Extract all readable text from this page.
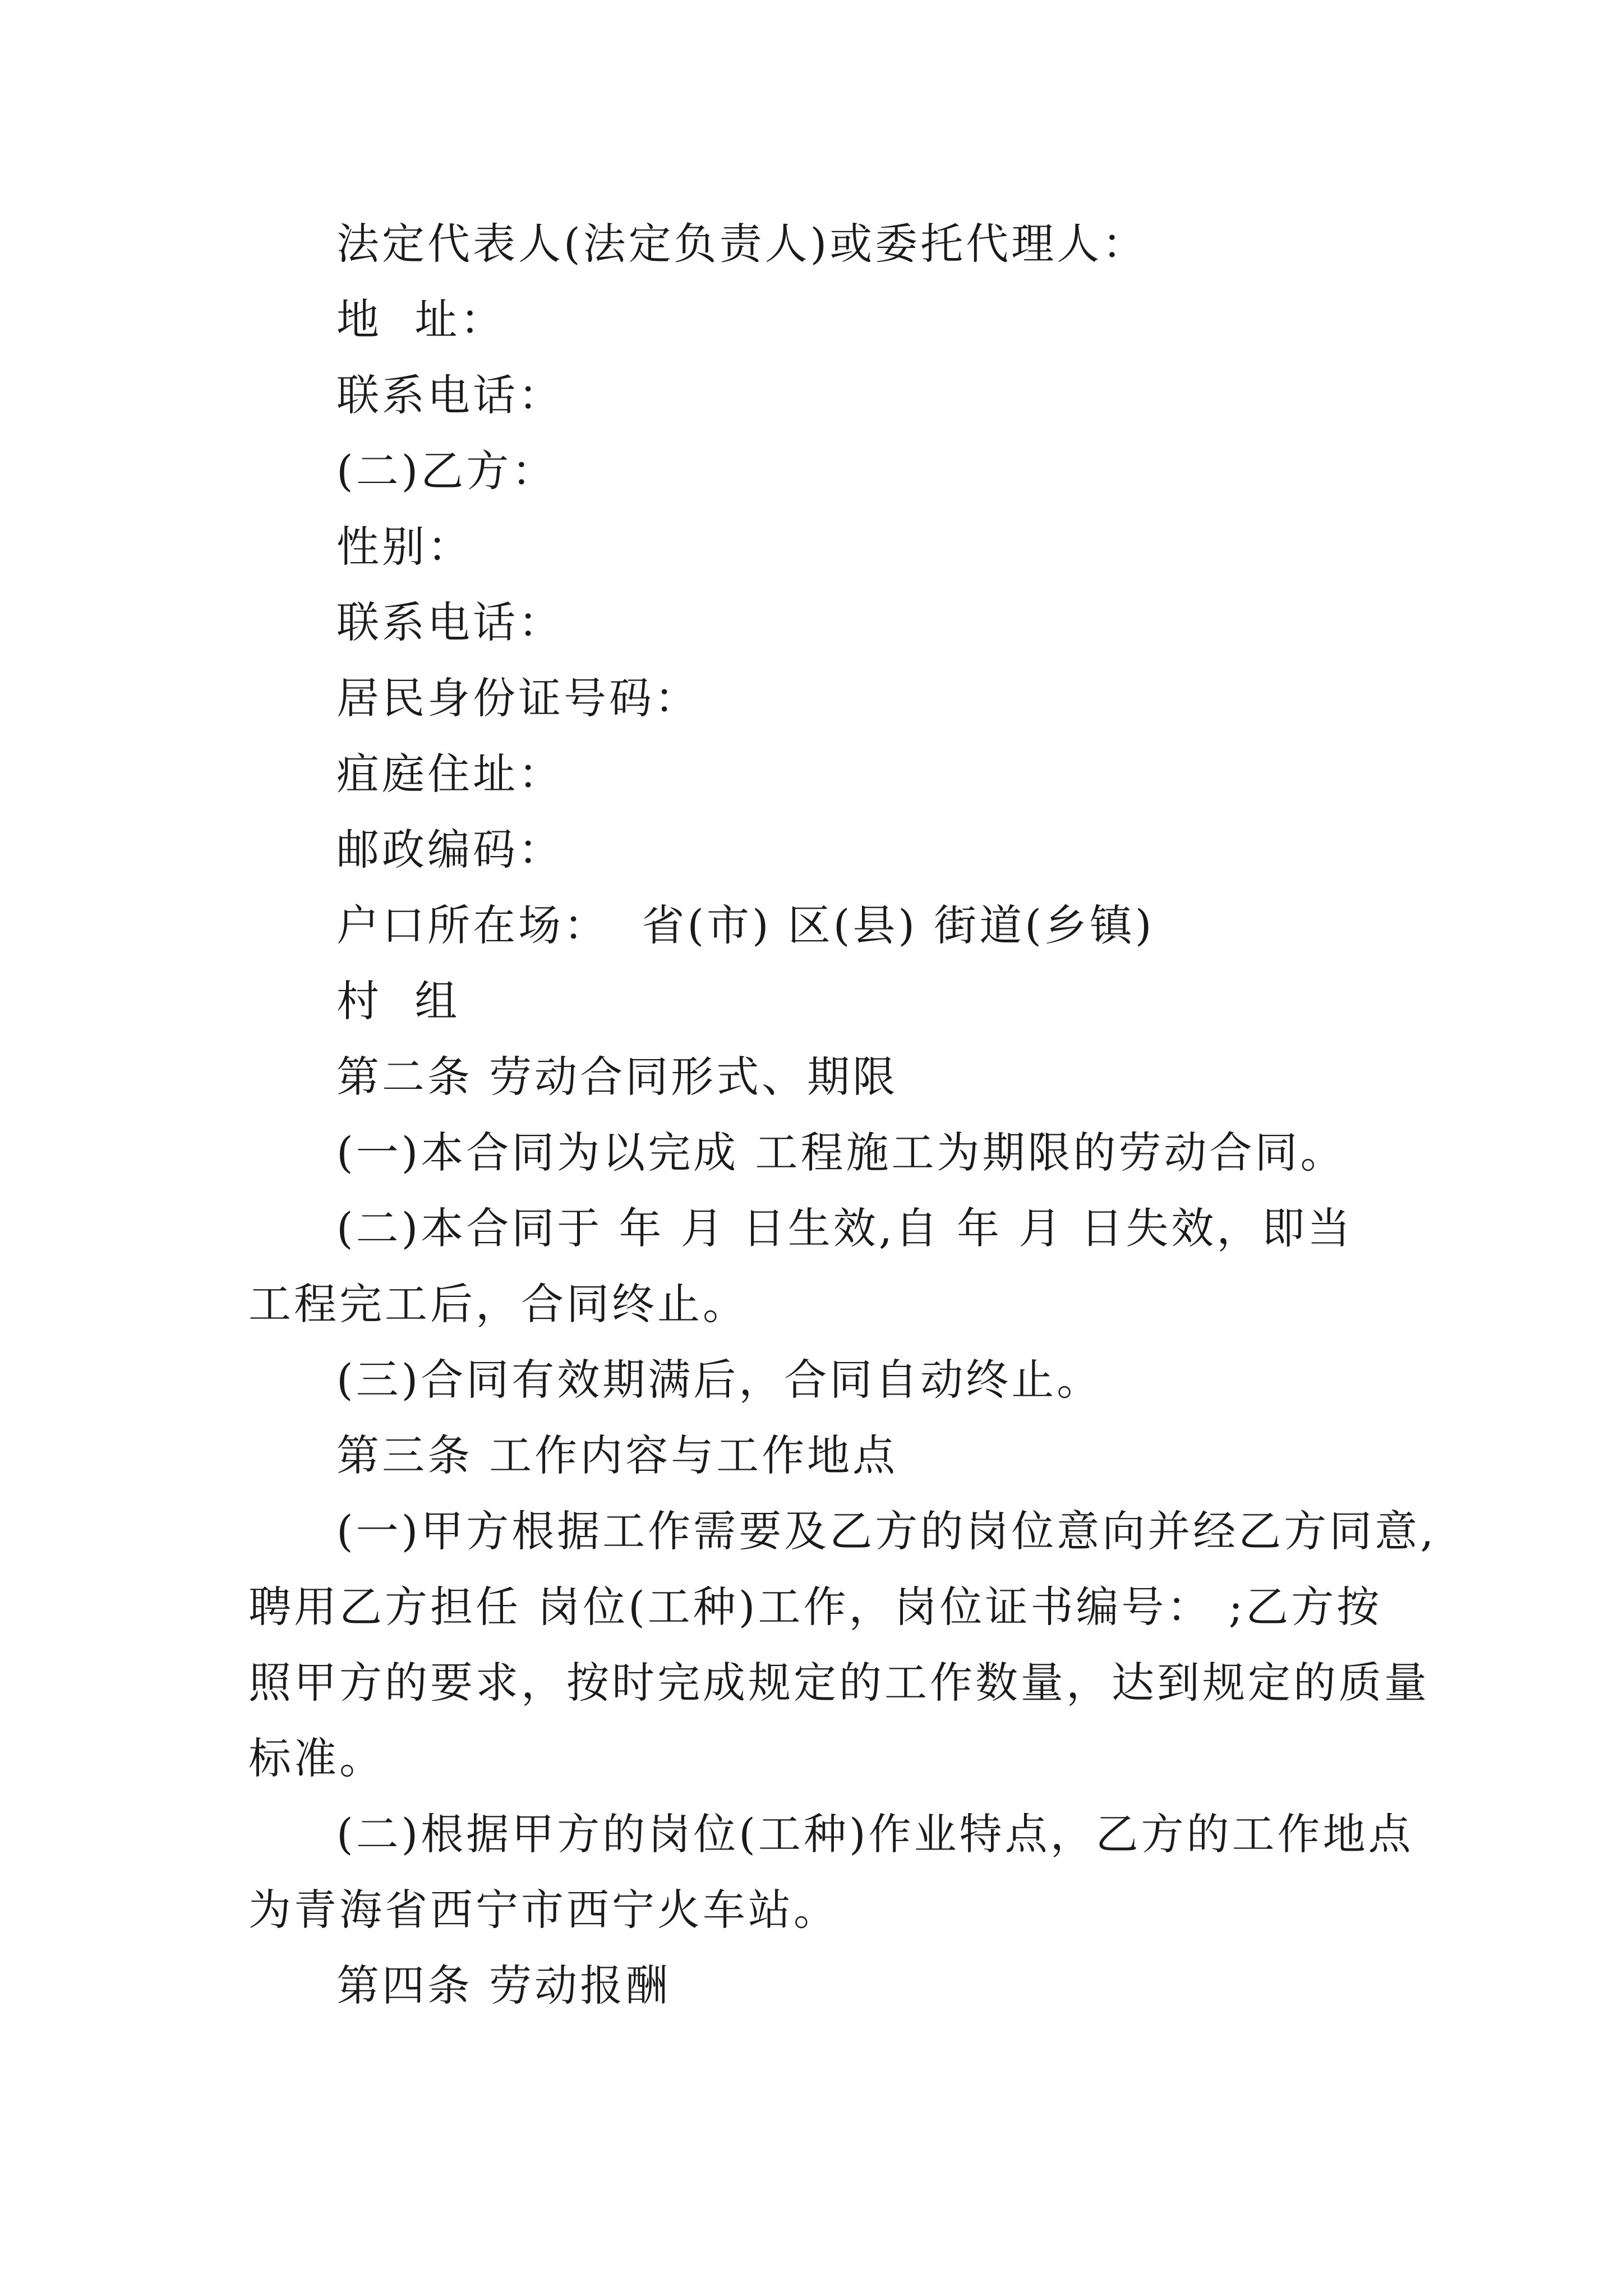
法定代表人(法定负责人)或委托代理人：
地  址：
联系电话：
(二)乙方：
性别：
联系电话：
居民身份证号码：
疽庭住址：
邮政编码：
户口所在场：  省(市) 区(县) 街道(乡镇)
村  组
第二条 劳动合同形式、期限
(一)本合同为以完成 工程施工为期限的劳动合同。
(二)本合同于 年 月 日生效,自 年 月 日失效，即当
工程完工后，合同终止。
(三)合同有效期满后，合同自动终止。
第三条 工作内容与工作地点
(一)甲方根据工作需要及乙方的岗位意向并经乙方同意,
聘用乙方担任 岗位(工种)工作，岗位证书编号： ;乙方按
照甲方的要求，按时完成规定的工作数量，达到规定的质量
标准。
(二)根据甲方的岗位(工种)作业特点，乙方的工作地点
为青海省西宁市西宁火车站。
第四条 劳动报酬
